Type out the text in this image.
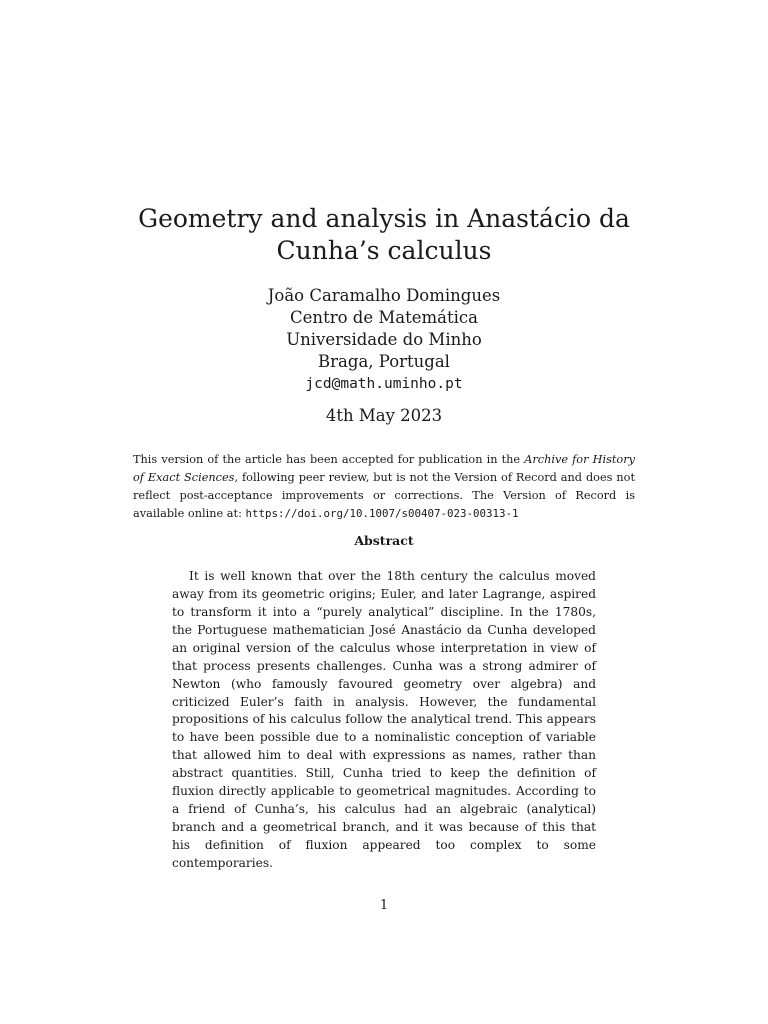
Geometry and analysis in Anastácio da
Cunha’s calculus
João Caramalho Domingues
Centro de Matemática
Universidade do Minho
Braga, Portugal
jcd@math.uminho.pt
4th May 2023

This version of the article has been accepted for publication in the Archive for History of Exact Sciences, following peer review, but is not the Version of Record and does not reflect post-acceptance improvements or corrections. The Version of Record is available online at: https://doi.org/10.1007/s00407-023-00313-1

Abstract

It is well known that over the 18th century the calculus moved away from its geometric origins; Euler, and later Lagrange, aspired to transform it into a “purely analytical” discipline. In the 1780s, the Portuguese mathematician José Anastácio da Cunha developed an original version of the calculus whose interpretation in view of that process presents challenges. Cunha was a strong admirer of Newton (who famously favoured geometry over algebra) and criticized Euler’s faith in analysis. However, the fundamental propositions of his calculus follow the analytical trend. This appears to have been possible due to a nominalistic conception of variable that allowed him to deal with expressions as names, rather than abstract quantities. Still, Cunha tried to keep the definition of fluxion directly applicable to geometrical magnitudes. According to a friend of Cunha’s, his calculus had an algebraic (analytical) branch and a geometrical branch, and it was because of this that his definition of fluxion appeared too complex to some contemporaries.

1
